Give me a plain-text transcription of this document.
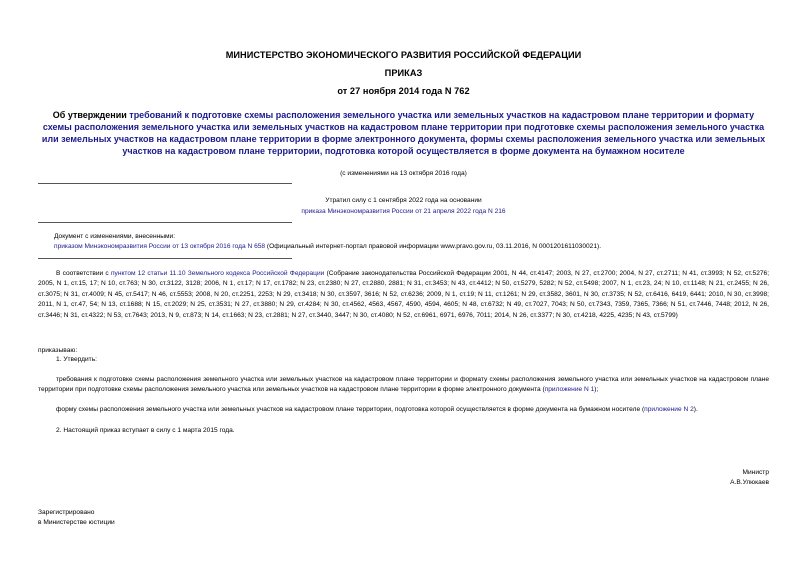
МИНИСТЕРСТВО ЭКОНОМИЧЕСКОГО РАЗВИТИЯ РОССИЙСКОЙ ФЕДЕРАЦИИ
ПРИКАЗ
от 27 ноября 2014 года N 762
Об утверждении требований к подготовке схемы расположения земельного участка или земельных участков на кадастровом плане территории и формату схемы расположения земельного участка или земельных участков на кадастровом плане территории при подготовке схемы расположения земельного участка или земельных участков на кадастровом плане территории в форме электронного документа, формы схемы расположения земельного участка или земельных участков на кадастровом плане территории, подготовка которой осуществляется в форме документа на бумажном носителе
(с изменениями на 13 октября 2016 года)
Утратил силу с 1 сентября 2022 года на основании
приказа Минэкономразвития России от 21 апреля 2022 года N 216
Документ с изменениями, внесенными:
приказом Минэкономразвития России от 13 октября 2016 года N 658 (Официальный интернет-портал правовой информации www.pravo.gov.ru, 03.11.2016, N 0001201611030021).
В соответствии с пунктом 12 статьи 11.10 Земельного кодекса Российской Федерации (Собрание законодательства Российской Федерации 2001, N 44, ст.4147; 2003, N 27, ст.2700; 2004, N 27, ст.2711; N 41, ст.3993; N 52, ст.5276; 2005, N 1, ст.15, 17; N 10, ст.763; N 30, ст.3122, 3128; 2006, N 1, ст.17; N 17, ст.1782; N 23, ст.2380; N 27, ст.2880, 2881; N 31, ст.3453; N 43, ст.4412; N 50, ст.5279, 5282; N 52, ст.5498; 2007, N 1, ст.23, 24; N 10, ст.1148; N 21, ст.2455; N 26, ст.3075; N 31, ст.4009; N 45, ст.5417; N 46, ст.5553; 2008, N 20, ст.2251, 2253; N 29, ст.3418; N 30, ст.3597, 3616; N 52, ст.6236; 2009, N 1, ст.19; N 11, ст.1261; N 29, ст.3582, 3601, N 30, ст.3735; N 52, ст.6416, 6419, 6441; 2010, N 30, ст.3998; 2011, N 1, ст.47, 54; N 13, ст.1688; N 15, ст.2029; N 25, ст.3531; N 27, ст.3880; N 29, ст.4284; N 30, ст.4562, 4563, 4567, 4590, 4594, 4605; N 48, ст.6732; N 49, ст.7027, 7043; N 50, ст.7343, 7359, 7365, 7366; N 51, ст.7446, 7448; 2012, N 26, ст.3446; N 31, ст.4322; N 53, ст.7643; 2013, N 9, ст.873; N 14, ст.1663; N 23, ст.2881; N 27, ст.3440, 3447; N 30, ст.4080; N 52, ст.6961, 6971, 6976, 7011; 2014, N 26, ст.3377; N 30, ст.4218, 4225, 4235; N 43, ст.5799)
приказываю:
1. Утвердить:
требования к подготовке схемы расположения земельного участка или земельных участков на кадастровом плане территории и формату схемы расположения земельного участка или земельных участков на кадастровом плане территории при подготовке схемы расположения земельного участка или земельных участков на кадастровом плане территории в форме электронного документа (приложение N 1);
форму схемы расположения земельного участка или земельных участков на кадастровом плане территории, подготовка которой осуществляется в форме документа на бумажном носителе (приложение N 2).
2. Настоящий приказ вступает в силу с 1 марта 2015 года.
Министр
А.В.Улюкаев
Зарегистрировано
в Министерстве юстиции
